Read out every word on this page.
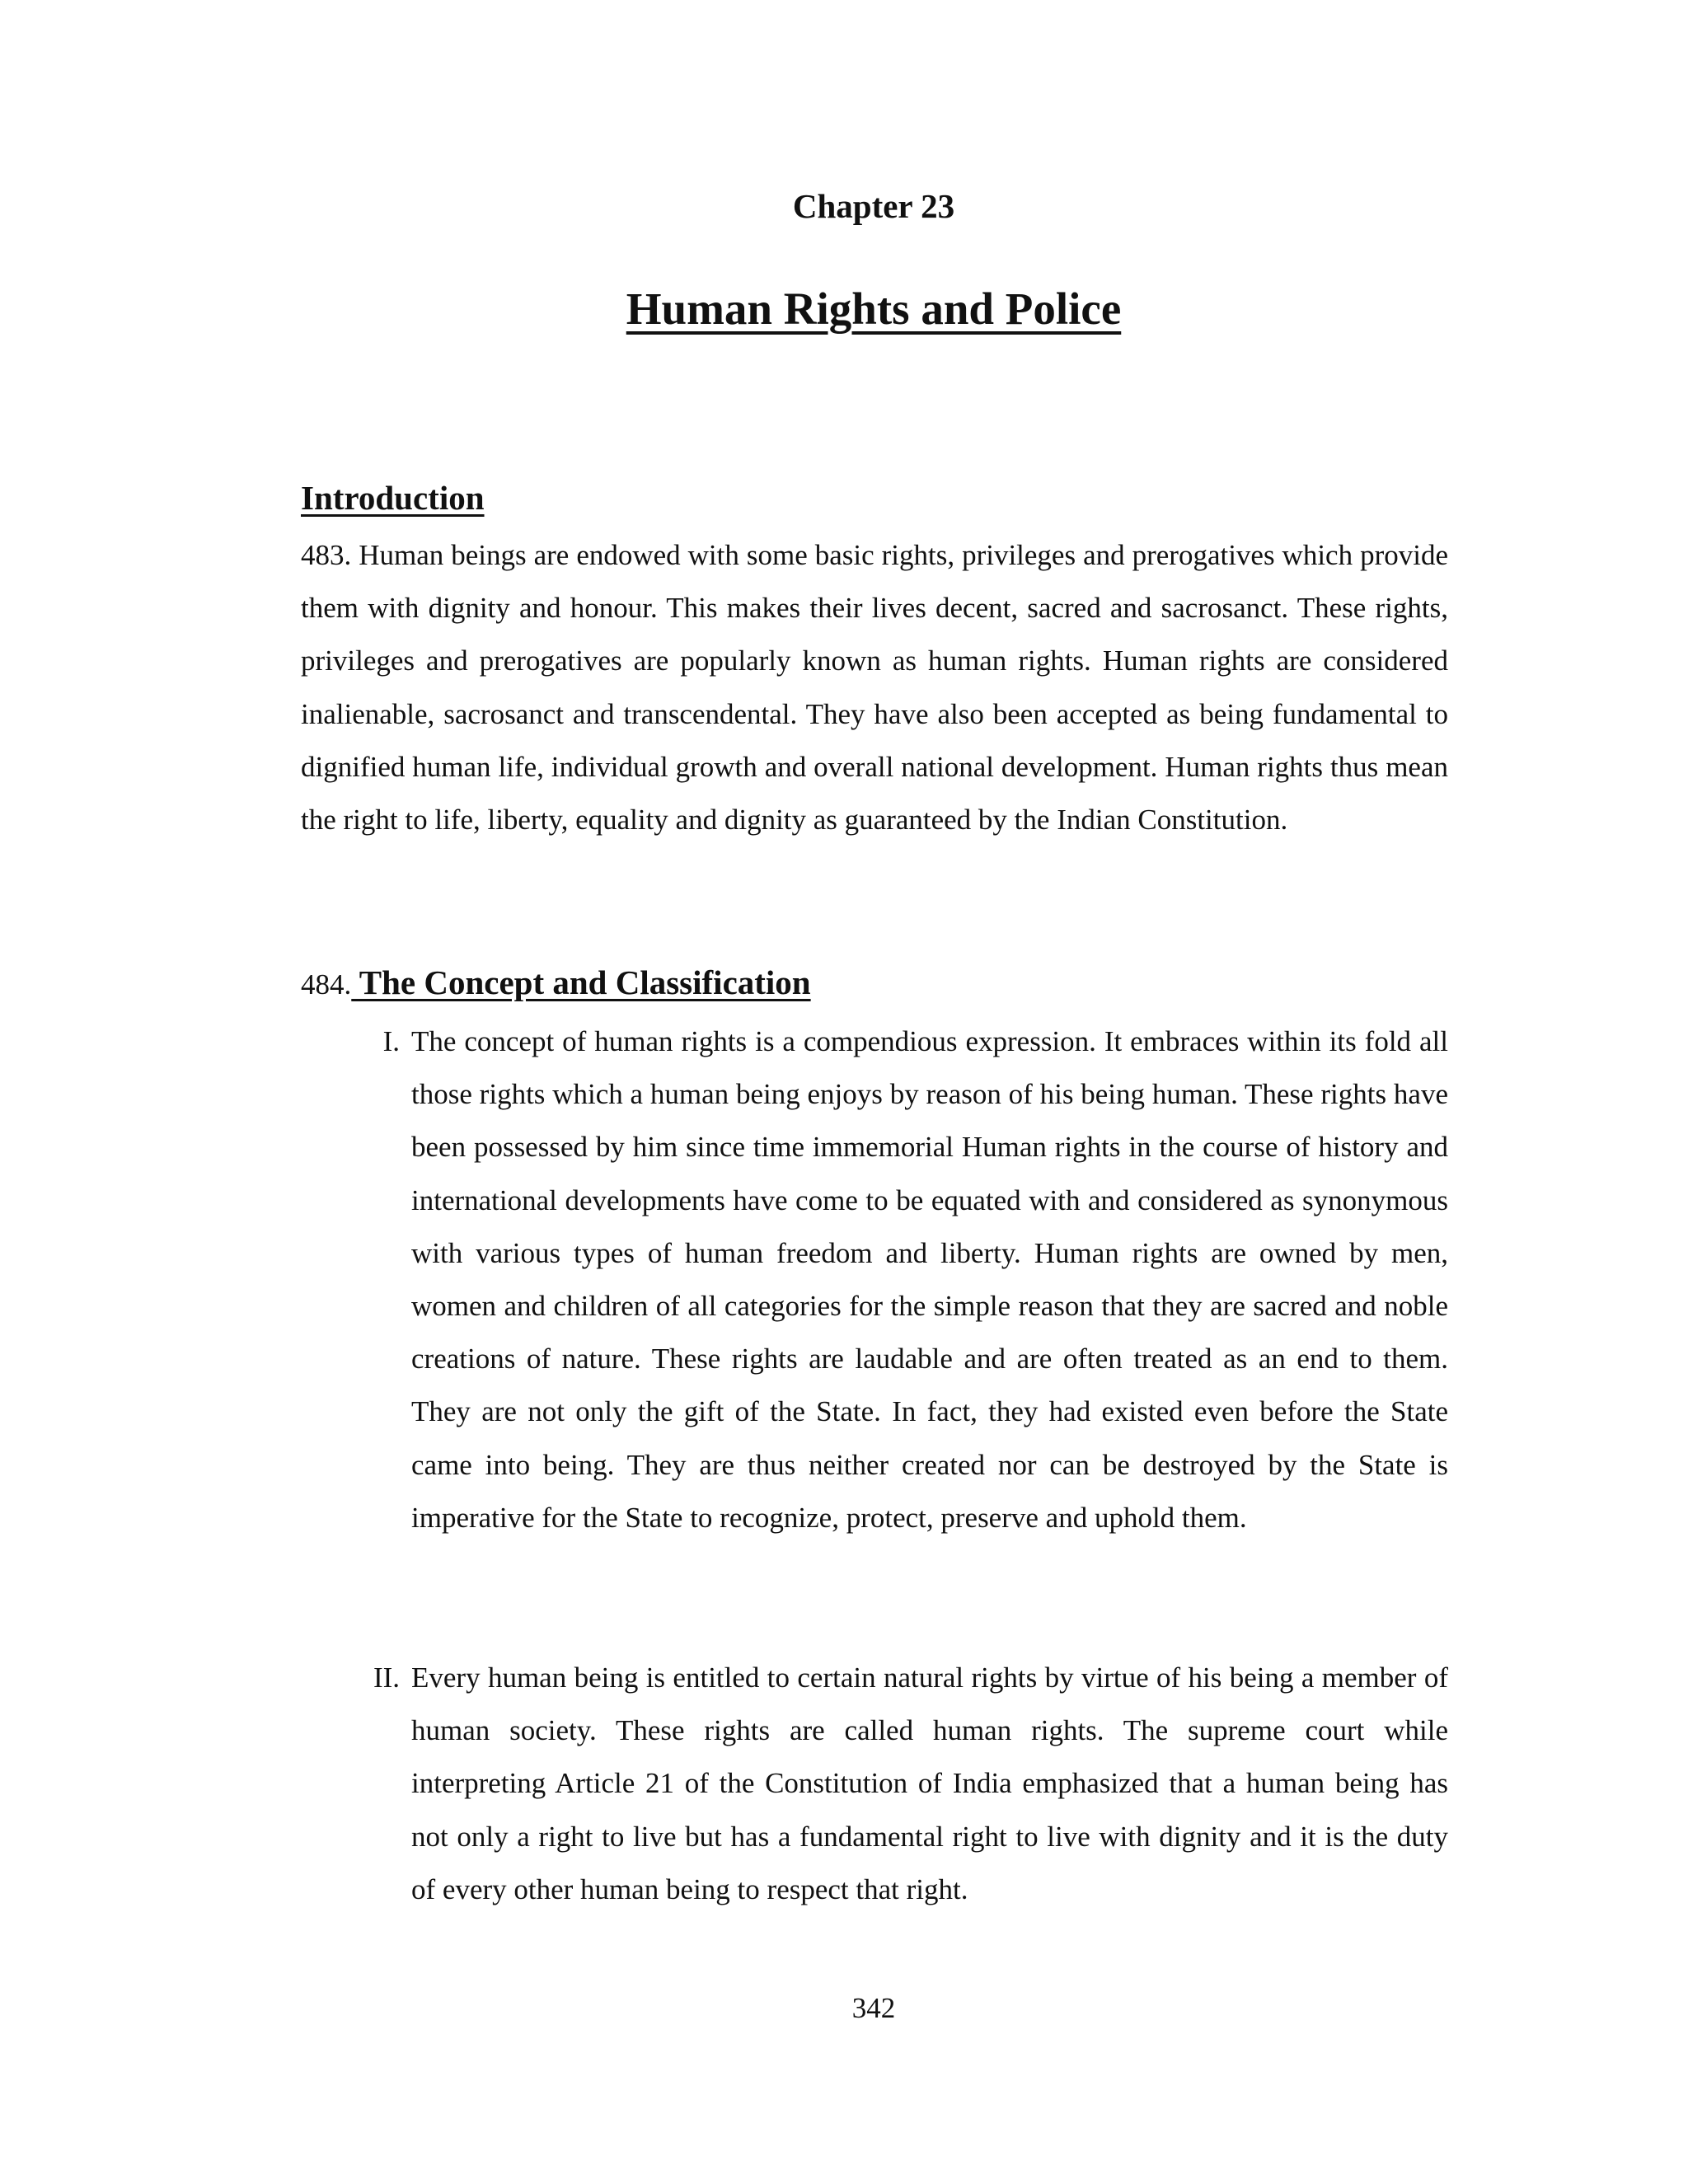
Chapter 23
Human Rights and Police
Introduction

483. Human beings are endowed with some basic rights, privileges and prerogatives which provide them with dignity and honour. This makes their lives decent, sacred and sacrosanct. These rights, privileges and prerogatives are popularly known as human rights. Human rights are considered inalienable, sacrosanct and transcendental. They have also been accepted as being fundamental to dignified human life, individual growth and overall national development. Human rights thus mean the right to life, liberty, equality and dignity as guaranteed by the Indian Constitution.

484. The Concept and Classification
I. The concept of human rights is a compendious expression. It embraces within its fold all those rights which a human being enjoys by reason of his being human. These rights have been possessed by him since time immemorial Human rights in the course of history and international developments have come to be equated with and considered as synonymous with various types of human freedom and liberty. Human rights are owned by men, women and children of all categories for the simple reason that they are sacred and noble creations of nature. These rights are laudable and are often treated as an end to them. They are not only the gift of the State. In fact, they had existed even before the State came into being. They are thus neither created nor can be destroyed by the State is imperative for the State to recognize, protect, preserve and uphold them.

II. Every human being is entitled to certain natural rights by virtue of his being a member of human society. These rights are called human rights. The supreme court while interpreting Article 21 of the Constitution of India emphasized that a human being has not only a right to live but has a fundamental right to live with dignity and it is the duty of every other human being to respect that right.

342
